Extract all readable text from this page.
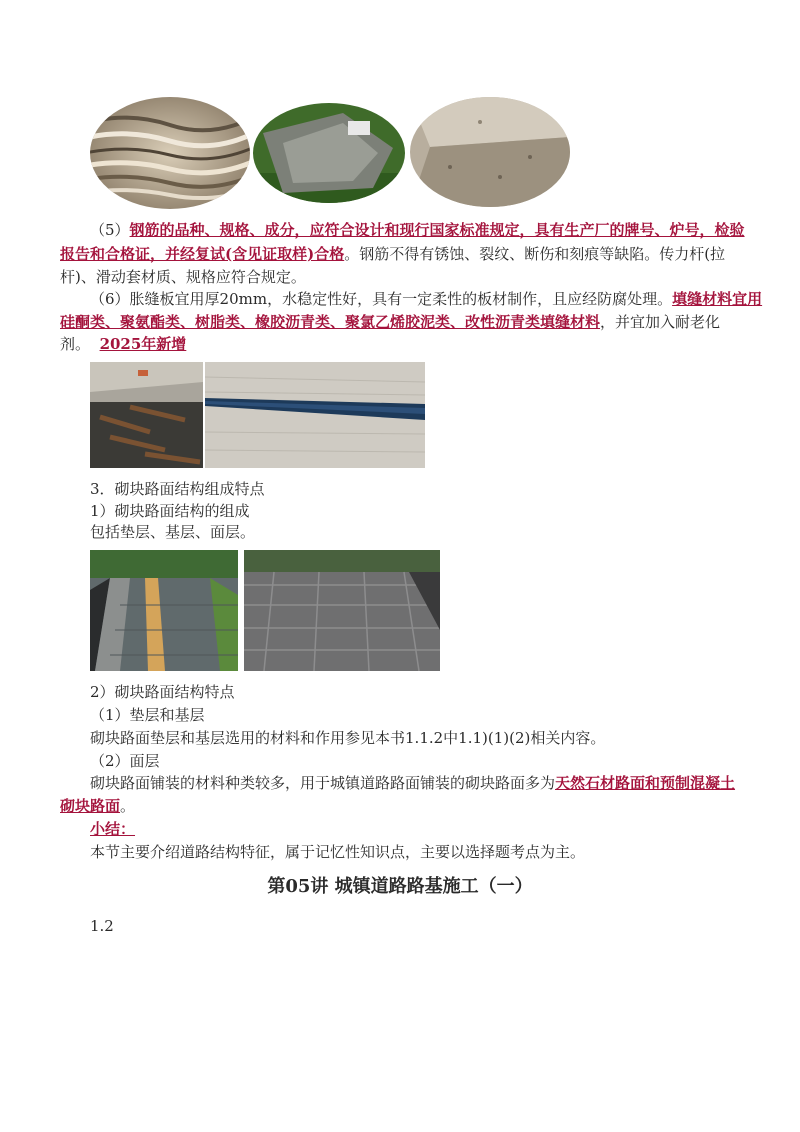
（5）钢筋的品种、规格、成分，应符合设计和现行国家标准规定，具有生产厂的牌号、炉号，检验
报告和合格证，并经复试(含见证取样)合格。钢筋不得有锈蚀、裂纹、断伤和刻痕等缺陷。传力杆(拉
杆)、滑动套材质、规格应符合规定。
（6）胀缝板宜用厚20mm，水稳定性好，具有一定柔性的板材制作，且应经防腐处理。填缝材料宜用
硅酮类、聚氨酯类、树脂类、橡胶沥青类、聚氯乙烯胶泥类、改性沥青类填缝材料，并宜加入耐老化
剂。 2025年新增
3．砌块路面结构组成特点
1）砌块路面结构的组成
包括垫层、基层、面层。
2）砌块路面结构特点
（1）垫层和基层
砌块路面垫层和基层选用的材料和作用参见本书1.1.2中1.1)(1)(2)相关内容。
（2）面层
砌块路面铺装的材料种类较多，用于城镇道路路面铺装的砌块路面多为天然石材路面和预制混凝土
砌块路面。
小结：
本节主要介绍道路结构特征，属于记忆性知识点，主要以选择题考点为主。
第05讲 城镇道路路基施工（一）
1.2
